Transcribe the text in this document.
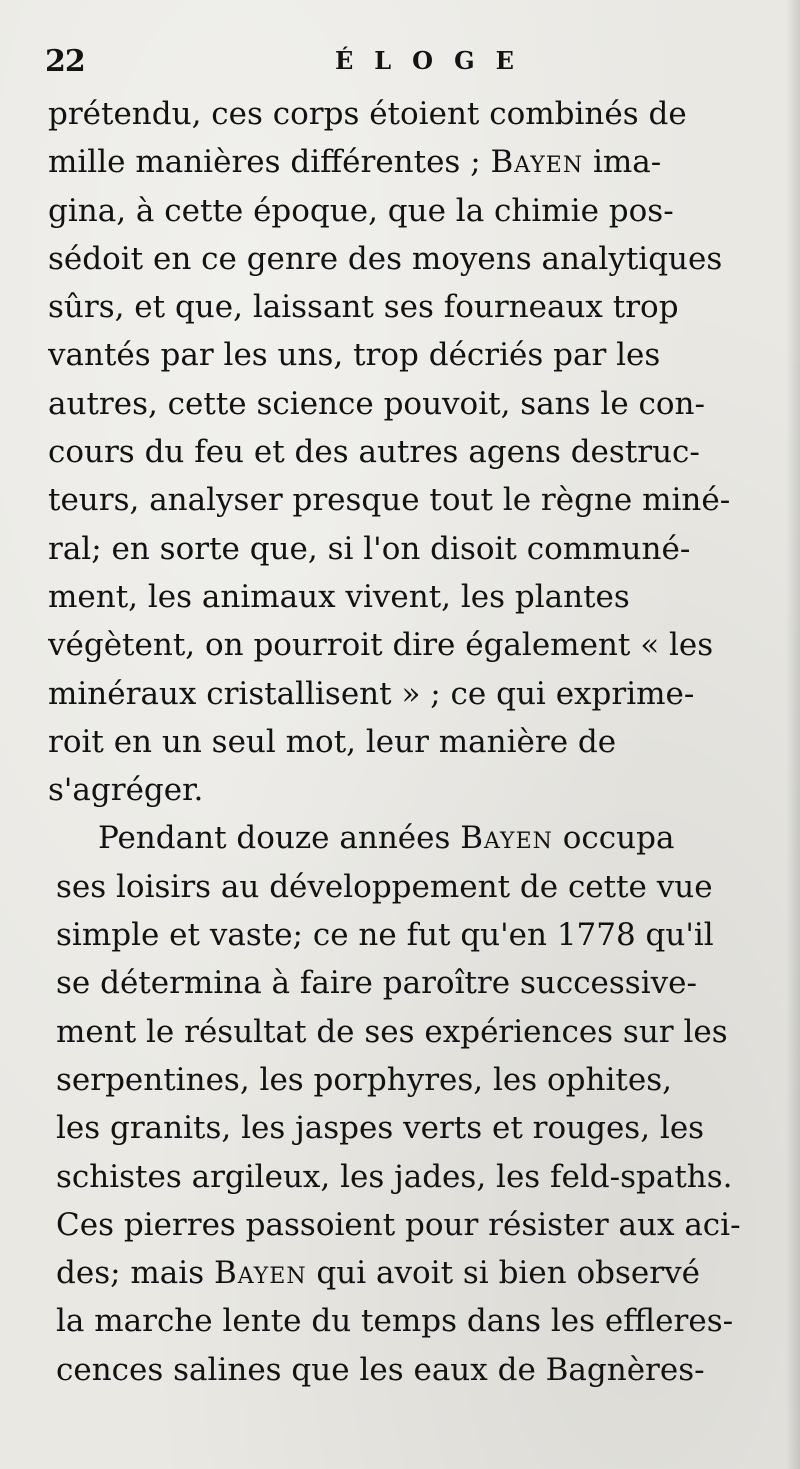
22	ÉLOGE
prétendu, ces corps étoient combinés de
mille manières différentes ; Bayen ima-
gina, à cette époque, que la chimie pos-
sédoit en ce genre des moyens analytiques
sûrs, et que, laissant ses fourneaux trop
vantés par les uns, trop décriés par les
autres, cette science pouvoit, sans le con-
cours du feu et des autres agens destruc-
teurs, analyser presque tout le règne miné-
ral; en sorte que, si l'on disoit communé-
ment, les animaux vivent, les plantes
végètent, on pourroit dire également « les
minéraux cristallisent » ; ce qui exprime-
roit en un seul mot, leur manière de
s'agréger.
Pendant douze années Bayen occupa
ses loisirs au développement de cette vue
simple et vaste; ce ne fut qu'en 1778 qu'il
se détermina à faire paroître successive-
ment le résultat de ses expériences sur les
serpentines, les porphyres, les ophites,
les granits, les jaspes verts et rouges, les
schistes argileux, les jades, les feld-spaths.
Ces pierres passoient pour résister aux aci-
des; mais Bayen qui avoit si bien observé
la marche lente du temps dans les effleres-
cences salines que les eaux de Bagnères-
